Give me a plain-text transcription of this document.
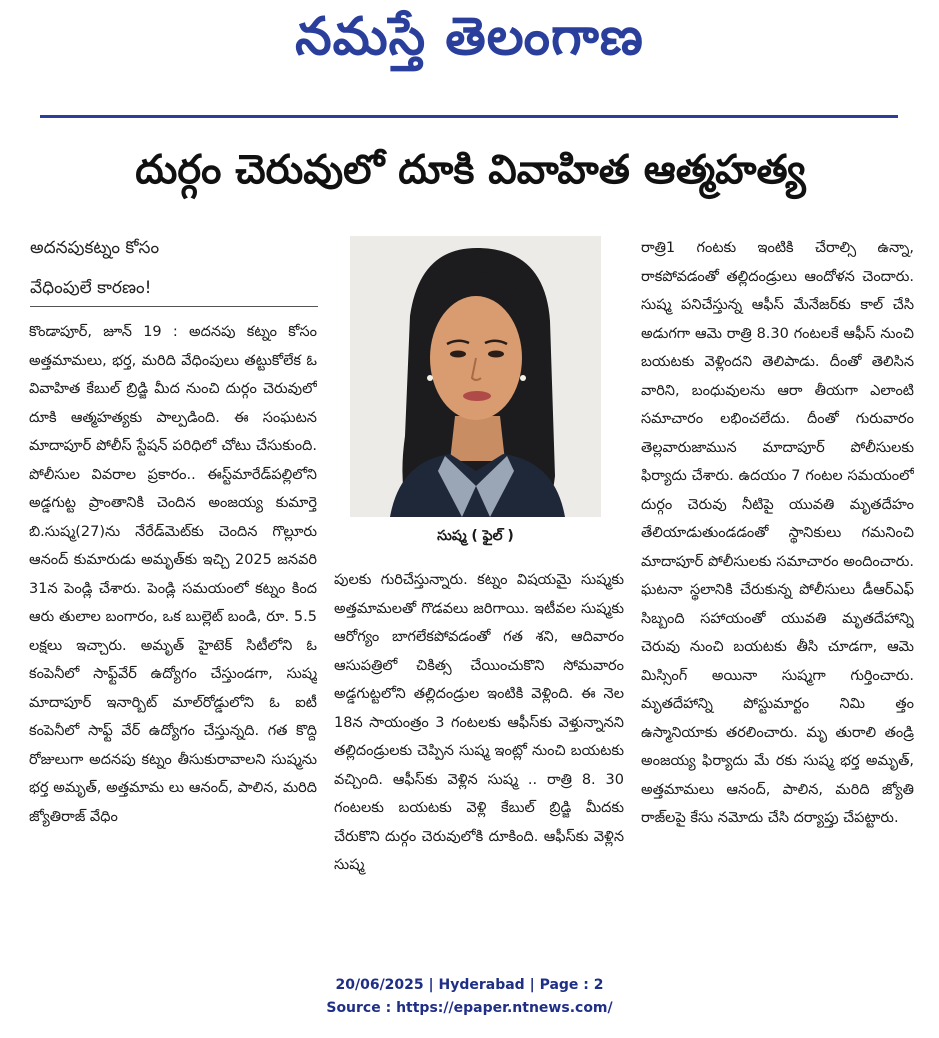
నమస్తే తెలంగాణ
దుర్గం చెరువులో దూకి వివాహిత ఆత్మహత్య
అదనపుకట్నం కోసం
వేధింపులే కారణం!
కొండాపూర్, జూన్ 19 : అదనపు కట్నం కోసం అత్తమామలు, భర్త, మరిది వేధింపులు తట్టుకోలేక ఓ వివాహిత కేబుల్ బ్రిడ్జి మీద నుంచి దుర్గం చెరువులో దూకి ఆత్మహత్యకు పాల్పడింది. ఈ సంఘటన మాదాపూర్ పోలీస్ స్టేషన్ పరిధిలో చోటు చేసుకుంది. పోలీసుల వివరాల ప్రకారం.. ఈస్ట్‌మారేడ్‌పల్లిలోని అడ్డగుట్ట ప్రాంతానికి చెందిన అంజయ్య కుమార్తె బి.సుష్మ(27)ను నేరేడ్‌మెట్‌కు చెందిన గొల్లూరు ఆనంద్ కుమారుడు అమృత్‌కు ఇచ్చి 2025 జనవరి 31న పెండ్లి చేశారు. పెండ్లి సమయంలో కట్నం కింద ఆరు తులాల బంగారం, ఒక బుల్లెట్ బండి, రూ. 5.5 లక్షలు ఇచ్చారు. అమృత్ హైటెక్ సిటీలోని ఓ కంపెనీలో సాఫ్ట్‌వేర్ ఉద్యోగం చేస్తుండగా, సుష్మ మాదాపూర్ ఇనార్బిట్ మాల్‌రోడ్డులోని ఓ ఐటీ కంపెనీలో సాఫ్ట్ వేర్ ఉద్యోగం చేస్తున్నది. గత కొద్ది రోజులుగా అదనపు కట్నం తీసుకురావాలని సుష్మను భర్త అమృత్, అత్తమామ లు ఆనంద్, పాలిన, మరిది జ్యోతిరాజ్ వేధిం
సుష్మ ( ఫైల్ )
పులకు గురిచేస్తున్నారు. కట్నం విషయమై సుష్మకు అత్తమామలతో గొడవలు జరిగాయి. ఇటీవల సుష్మకు ఆరోగ్యం బాగలేకపోవడంతో గత శని, ఆదివారం ఆసుపత్రిలో చికిత్స చేయించుకొని సోమవారం అడ్డగుట్టలోని తల్లిదండ్రుల ఇంటికి వెళ్లింది. ఈ నెల 18న సాయంత్రం 3 గంటలకు ఆఫీస్‌కు వెళ్తున్నానని తల్లిదండ్రులకు చెప్పిన సుష్మ ఇంట్లో నుంచి బయటకు వచ్చింది. ఆఫీస్‌కు వెళ్లిన సుష్మ .. రాత్రి 8. 30 గంటలకు బయటకు వెళ్లి కేబుల్ బ్రిడ్జి మీదకు చేరుకొని దుర్గం చెరువులోకి దూకింది. ఆఫీస్‌కు వెళ్లిన సుష్మ
రాత్రి1 గంటకు ఇంటికి చేరాల్సి ఉన్నా, రాకపోవడంతో తల్లిదండ్రులు ఆందోళన చెందారు. సుష్మ పనిచేస్తున్న ఆఫీస్ మేనేజర్‌కు కాల్ చేసి అడుగగా ఆమె రాత్రి 8.30 గంటలకే ఆఫీస్ నుంచి బయటకు వెళ్లిందని తెలిపాడు. దీంతో తెలిసిన వారిని, బంధువులను ఆరా తీయగా ఎలాంటి సమాచారం లభించలేదు. దీంతో గురువారం తెల్లవారుజామున మాదాపూర్ పోలీసులకు ఫిర్యాదు చేశారు. ఉదయం 7 గంటల సమయంలో దుర్గం చెరువు నీటిపై యువతి మృతదేహం తేలియాడుతుండడంతో స్థానికులు గమనించి మాదాపూర్ పోలీసులకు సమాచారం అందించారు. ఘటనా స్థలానికి చేరుకున్న పోలీసులు డీఆర్‌ఎఫ్ సిబ్బంది సహాయంతో యువతి మృతదేహాన్ని చెరువు నుంచి బయటకు తీసి చూడగా, ఆమె మిస్సింగ్ అయినా సుష్మగా గుర్తించారు. మృతదేహాన్ని పోస్టుమార్టం నిమి త్తం ఉస్మానియాకు తరలించారు. మృ తురాలి తండ్రి అంజయ్య ఫిర్యాదు మే రకు సుష్మ భర్త అమృత్, అత్తమామలు ఆనంద్, పాలిన, మరిది జ్యోతి రాజ్‌లపై కేసు నమోదు చేసి దర్యాప్తు చేపట్టారు.
20/06/2025 | Hyderabad | Page : 2
Source : https://epaper.ntnews.com/
